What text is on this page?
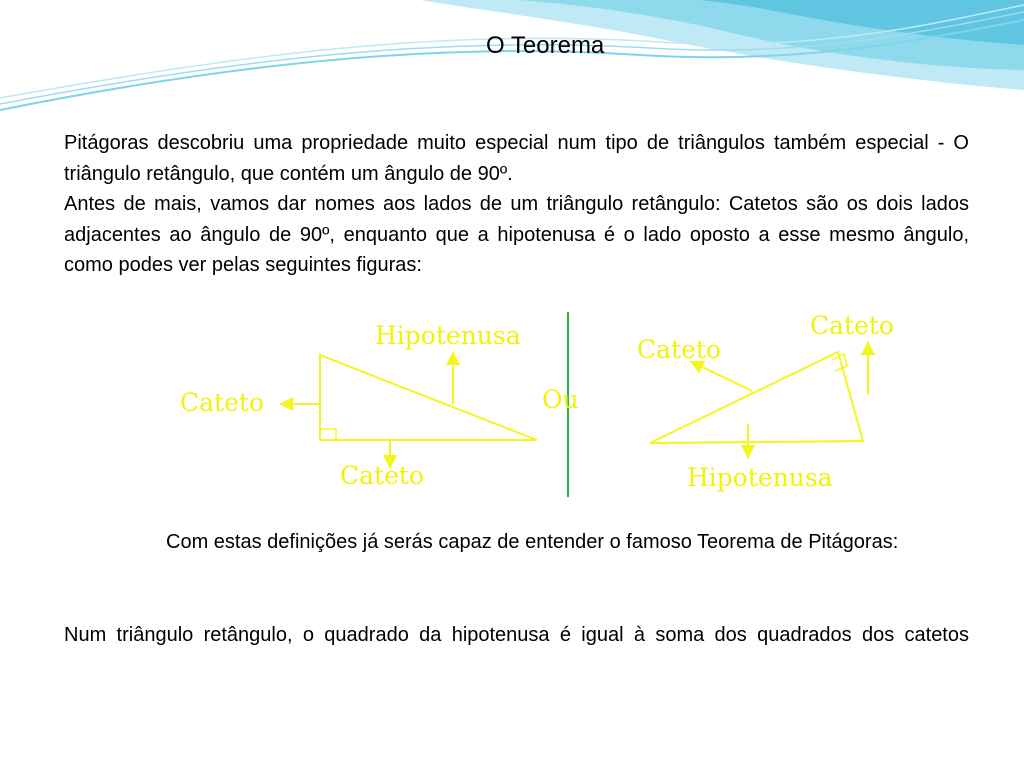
O Teorema

Pitágoras descobriu uma propriedade muito especial num tipo de triângulos também especial - O triângulo retângulo, que contém um ângulo de 90º.

Antes de mais, vamos dar nomes aos lados de um triângulo retângulo: Catetos são os dois lados adjacentes ao ângulo de 90º, enquanto que a hipotenusa é o lado oposto a esse mesmo ângulo, como podes ver pelas seguintes figuras:

Hipotenusa
Cateto
Cateto
Ou
Cateto
Cateto
Hipotenusa

Com estas definições já serás capaz de entender o famoso Teorema de Pitágoras:

Num triângulo retângulo, o quadrado da hipotenusa é igual à soma dos quadrados dos catetos
